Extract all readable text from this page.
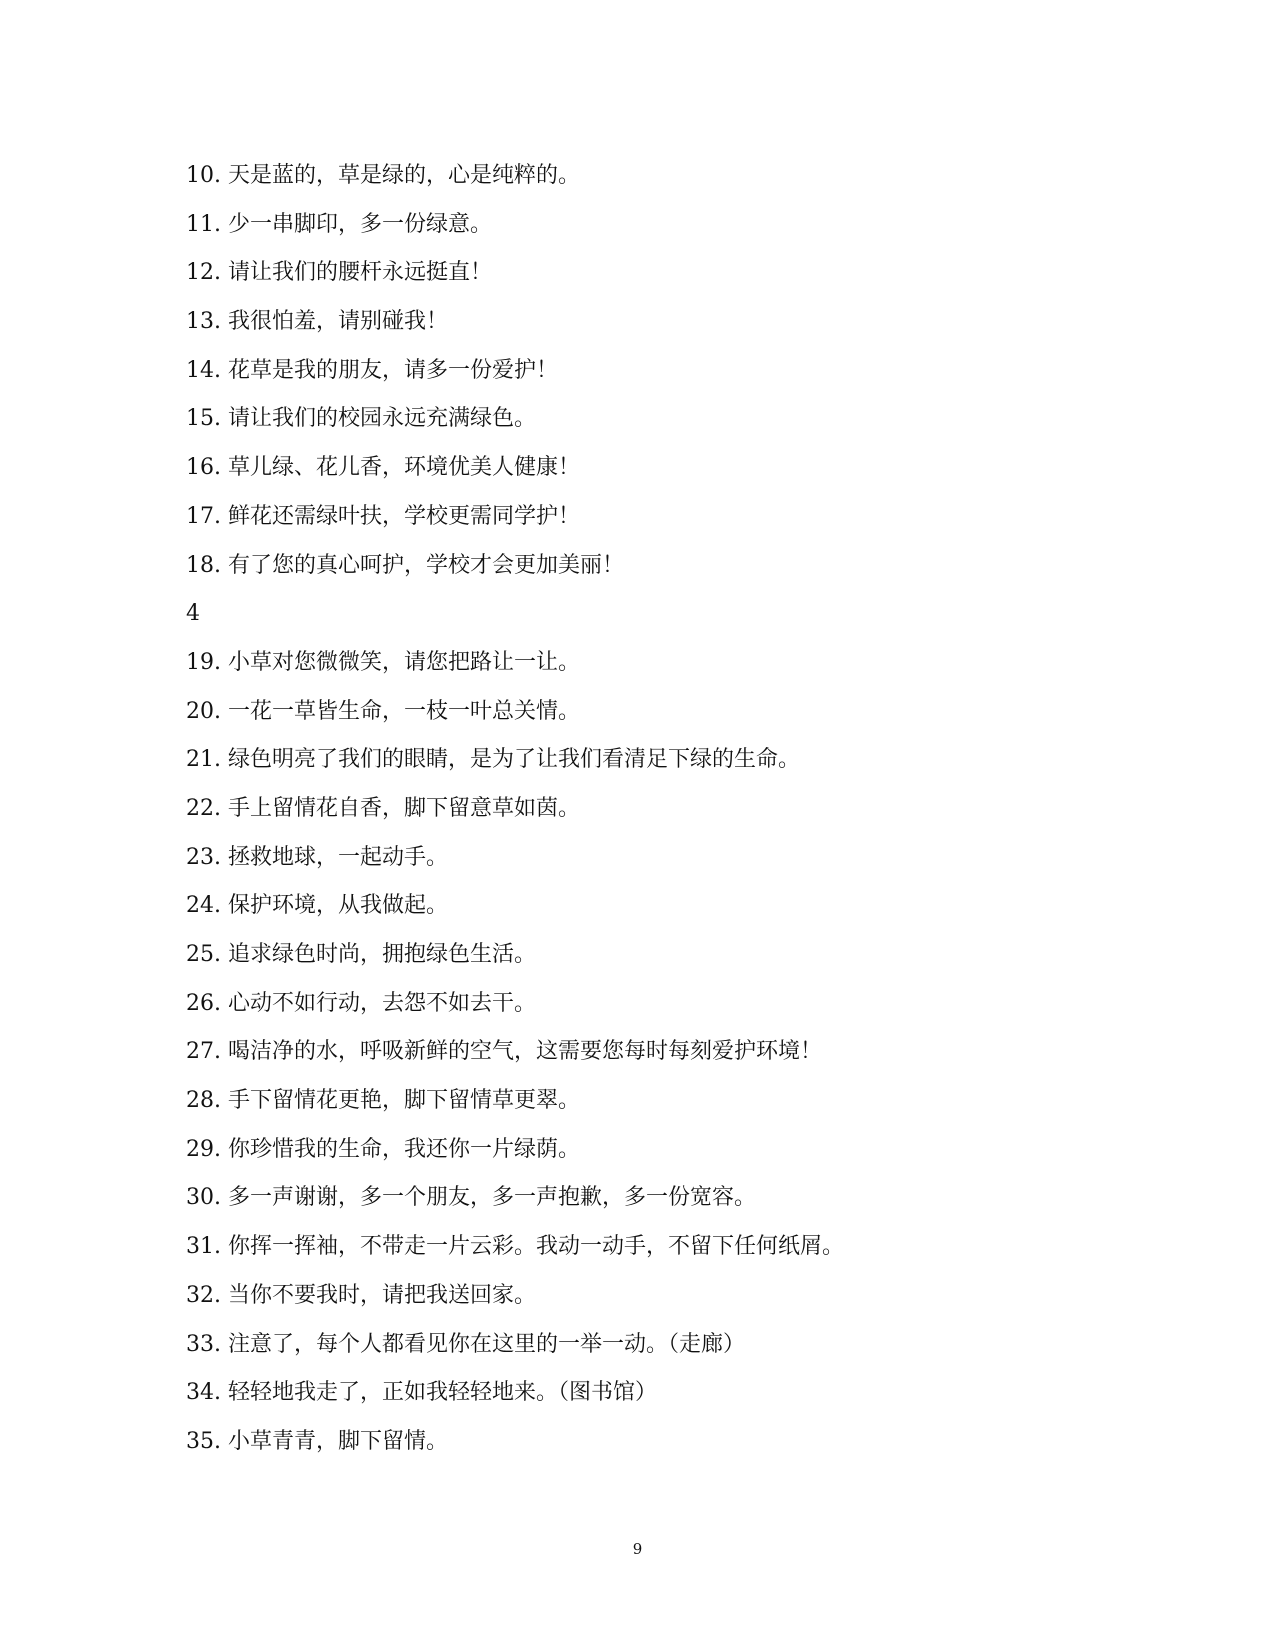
10. 天是蓝的，草是绿的，心是纯粹的。
11. 少一串脚印，多一份绿意。
12. 请让我们的腰杆永远挺直！
13. 我很怕羞，请别碰我！
14. 花草是我的朋友，请多一份爱护！
15. 请让我们的校园永远充满绿色。
16. 草儿绿、花儿香，环境优美人健康！
17. 鲜花还需绿叶扶，学校更需同学护！
18. 有了您的真心呵护，学校才会更加美丽！
4
19. 小草对您微微笑，请您把路让一让。
20. 一花一草皆生命，一枝一叶总关情。
21. 绿色明亮了我们的眼睛，是为了让我们看清足下绿的生命。
22. 手上留情花自香，脚下留意草如茵。
23. 拯救地球，一起动手。
24. 保护环境，从我做起。
25. 追求绿色时尚，拥抱绿色生活。
26. 心动不如行动，去怨不如去干。
27. 喝洁净的水，呼吸新鲜的空气，这需要您每时每刻爱护环境！
28. 手下留情花更艳，脚下留情草更翠。
29. 你珍惜我的生命，我还你一片绿荫。
30. 多一声谢谢，多一个朋友，多一声抱歉，多一份宽容。
31. 你挥一挥袖，不带走一片云彩。我动一动手，不留下任何纸屑。
32. 当你不要我时，请把我送回家。
33. 注意了，每个人都看见你在这里的一举一动。（走廊）
34. 轻轻地我走了，正如我轻轻地来。（图书馆）
35. 小草青青，脚下留情。
9
